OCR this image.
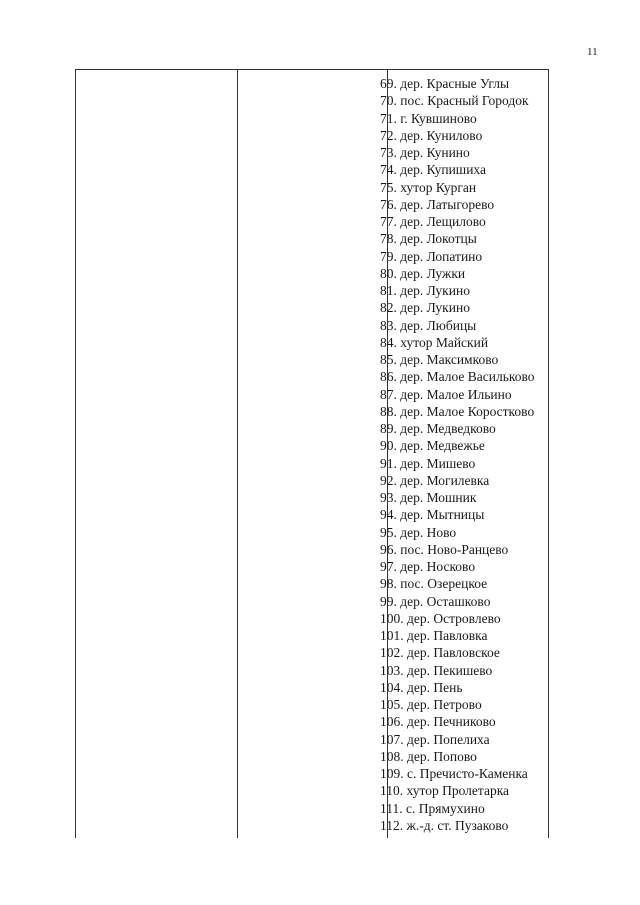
11
69. дер. Красные Углы
70. пос. Красный Городок
71. г. Кувшиново
72. дер. Кунилово
73. дер. Кунино
74. дер. Купишиха
75. хутор Курган
76. дер. Латыгорево
77. дер. Лещилово
78. дер. Локотцы
79. дер. Лопатино
80. дер. Лужки
81. дер. Лукино
82. дер. Лукино
83. дер. Любицы
84. хутор Майский
85. дер. Максимково
86. дер. Малое Васильково
87. дер. Малое Ильино
88. дер. Малое Коростково
89. дер. Медведково
90. дер. Медвежье
91. дер. Мишево
92. дер. Могилевка
93. дер. Мошник
94. дер. Мытницы
95. дер. Ново
96. пос. Ново-Ранцево
97. дер. Носково
98. пос. Озерецкое
99. дер. Осташково
100. дер. Островлево
101. дер. Павловка
102. дер. Павловское
103. дер. Пекишево
104. дер. Пень
105. дер. Петрово
106. дер. Печниково
107. дер. Попелиха
108. дер. Попово
109. с. Пречисто-Каменка
110. хутор Пролетарка
111. с. Прямухино
112. ж.-д. ст. Пузаково
